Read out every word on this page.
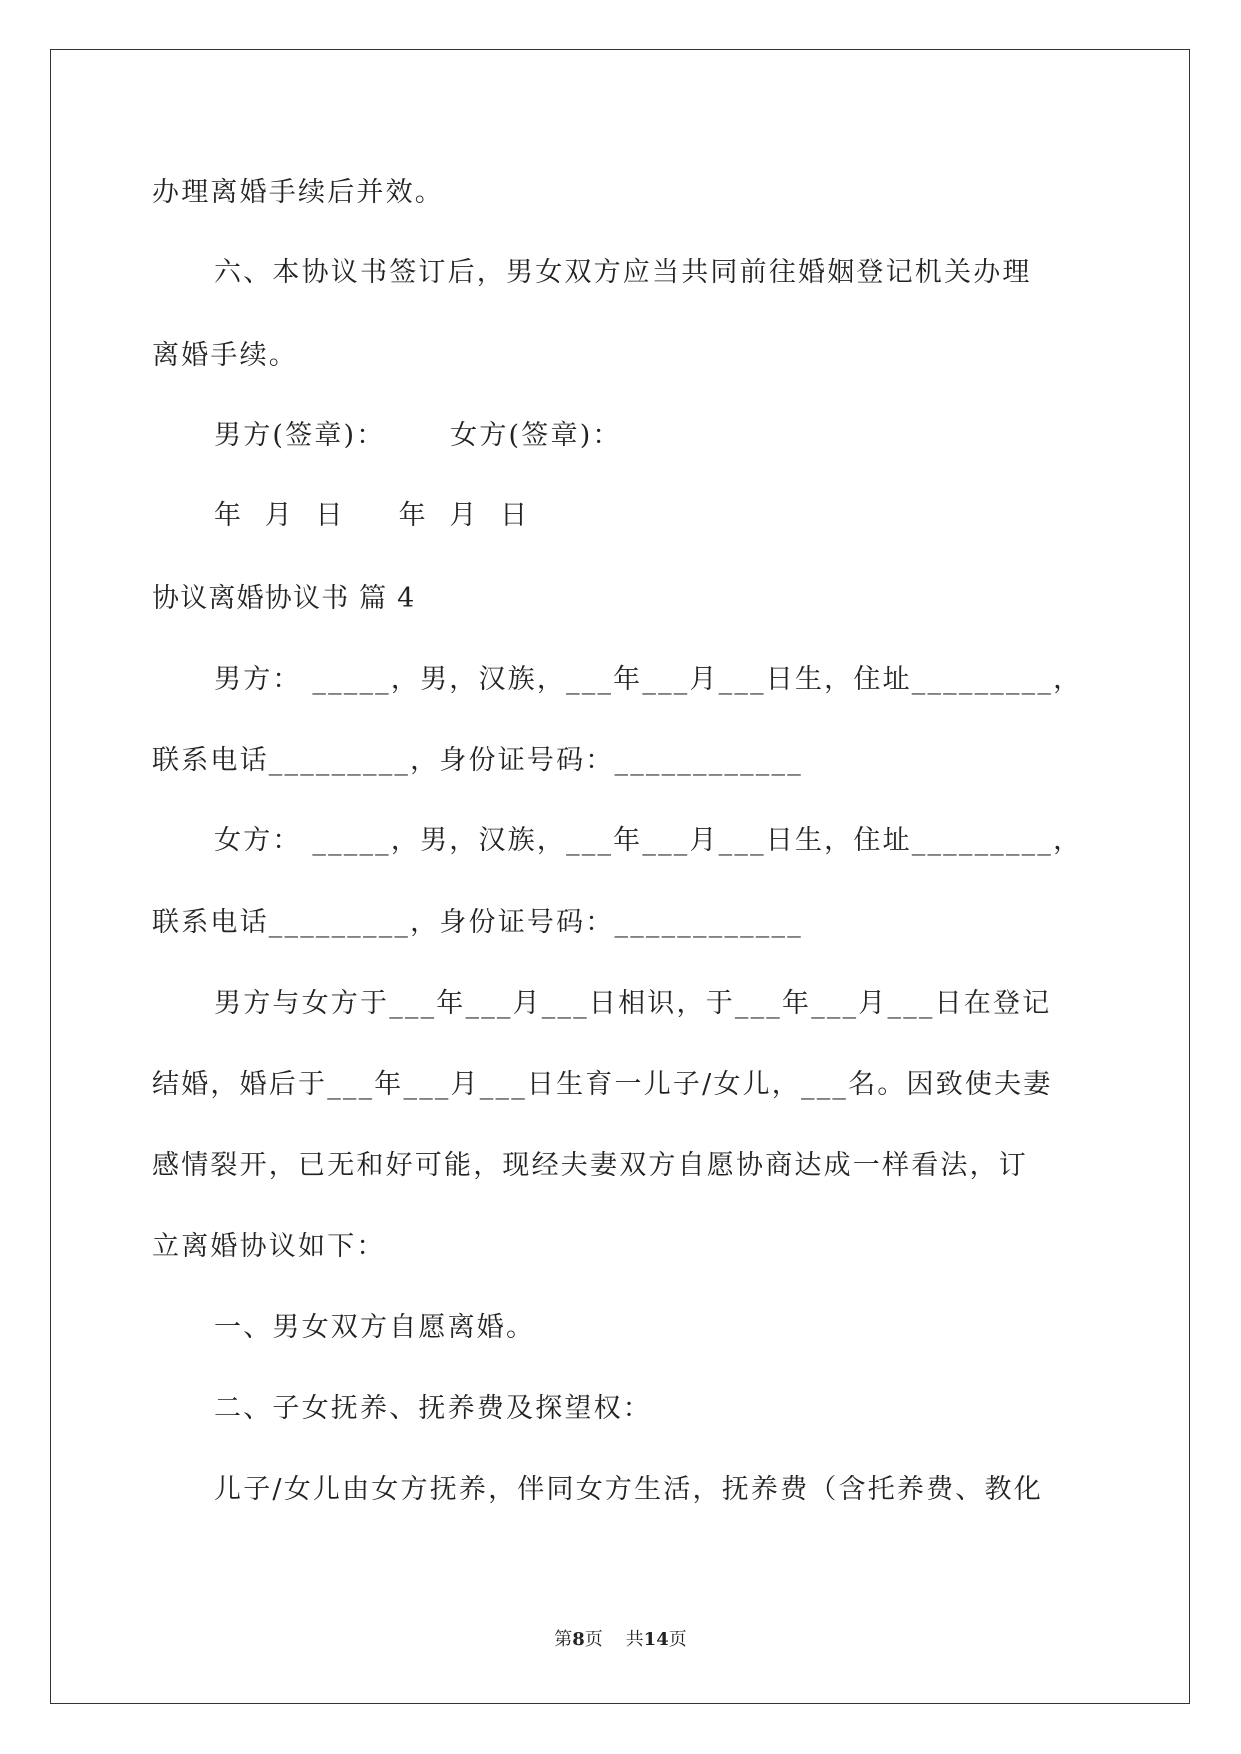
办理离婚手续后并效。

六、本协议书签订后，男女双方应当共同前往婚姻登记机关办理

离婚手续。

男方(签章)：      女方(签章)：

年  月  日     年  月  日

协议离婚协议书 篇 4

男方： _____，男，汉族，___年___月___日生，住址_________，

联系电话_________，身份证号码：____________

女方： _____，男，汉族，___年___月___日生，住址_________，

联系电话_________，身份证号码：____________

男方与女方于___年___月___日相识，于___年___月___日在登记

结婚，婚后于___年___月___日生育一儿子/女儿，___名。因致使夫妻

感情裂开，已无和好可能，现经夫妻双方自愿协商达成一样看法，订

立离婚协议如下：

一、男女双方自愿离婚。

二、子女抚养、抚养费及探望权：

儿子/女儿由女方抚养，伴同女方生活，抚养费（含托养费、教化

第8页 共14页
